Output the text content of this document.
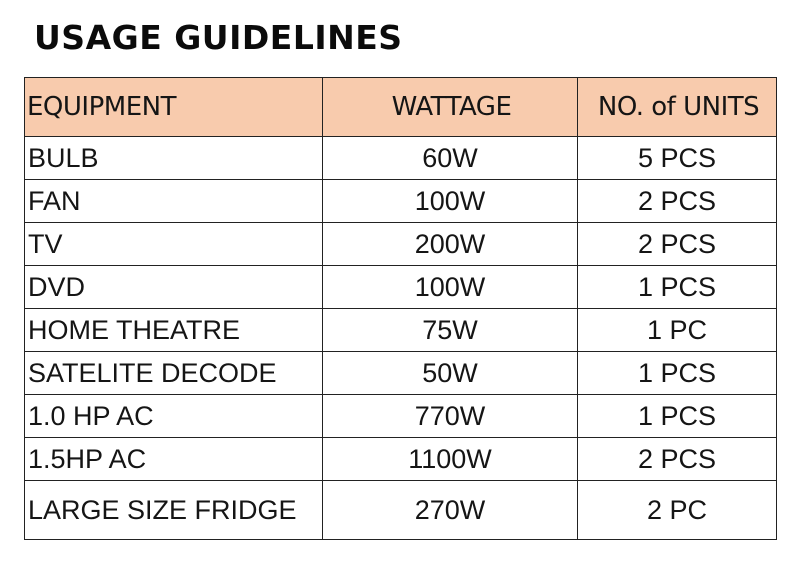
USAGE GUIDELINES
EQUIPMENT	WATTAGE	NO. of UNITS
BULB	60W	5 PCS
FAN	100W	2 PCS
TV	200W	2 PCS
DVD	100W	1 PCS
HOME THEATRE	75W	1 PC
SATELITE DECODE	50W	1 PCS
1.0 HP AC	770W	1 PCS
1.5HP AC	1100W	2 PCS
LARGE SIZE FRIDGE	270W	2 PC
